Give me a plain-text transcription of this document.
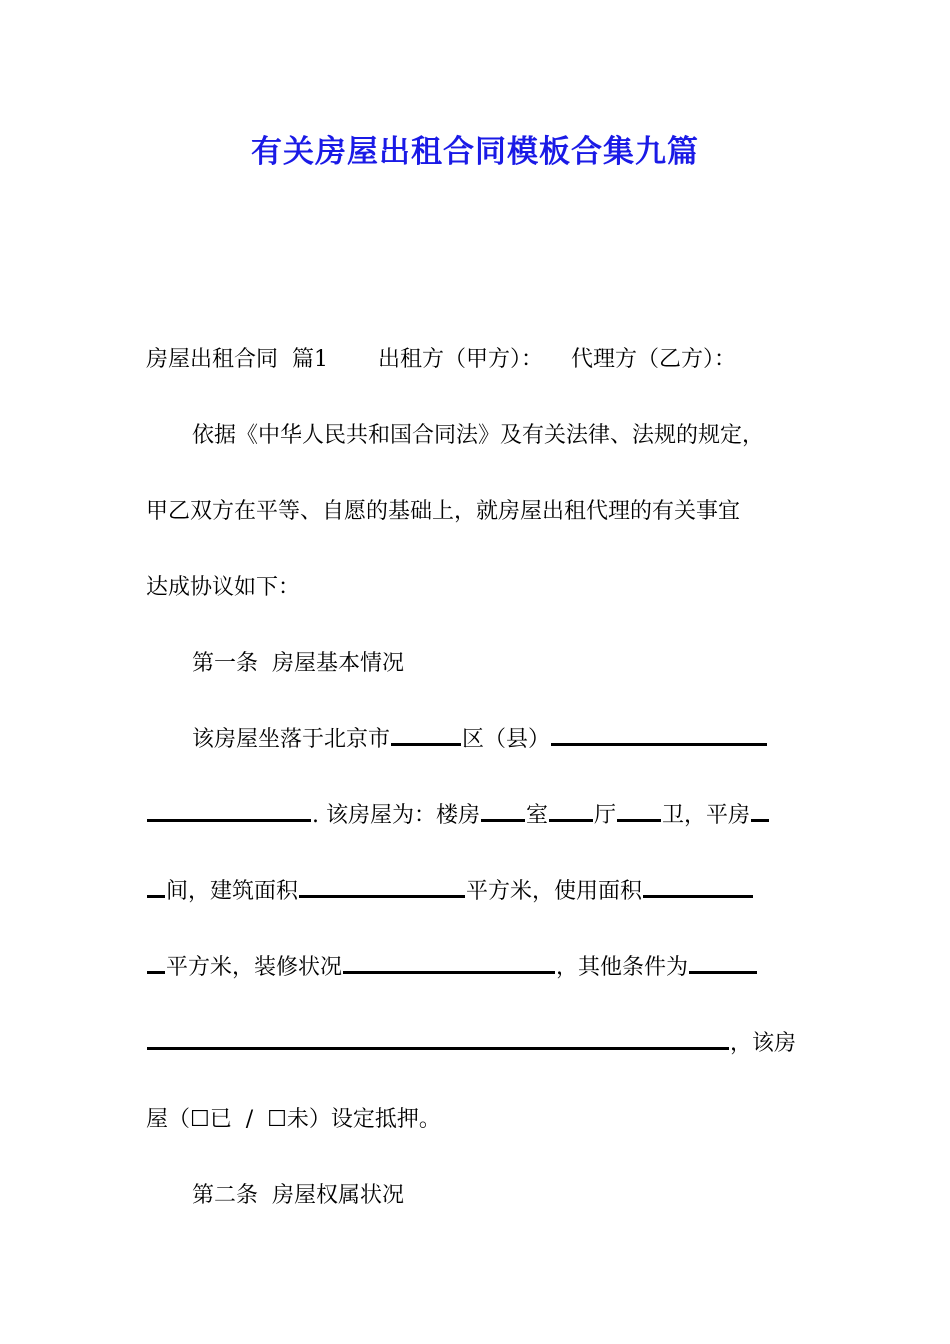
有关房屋出租合同模板合集九篇
房屋出租合同  篇1 出租方（甲方）： 代理方（乙方）：
依据《中华人民共和国合同法》及有关法律、法规的规定，
甲乙双方在平等、自愿的基础上，就房屋出租代理的有关事宜
达成协议如下：
第一条  房屋基本情况
该房屋坐落于北京市	区（县）
. 该房屋为：楼房 室 厅 卫，平房
间，建筑面积	平方米，使用面积
平方米，装修状况	，其他条件为
，该房
屋（☐已  /  ☐未）设定抵押。
第二条  房屋权属状况
